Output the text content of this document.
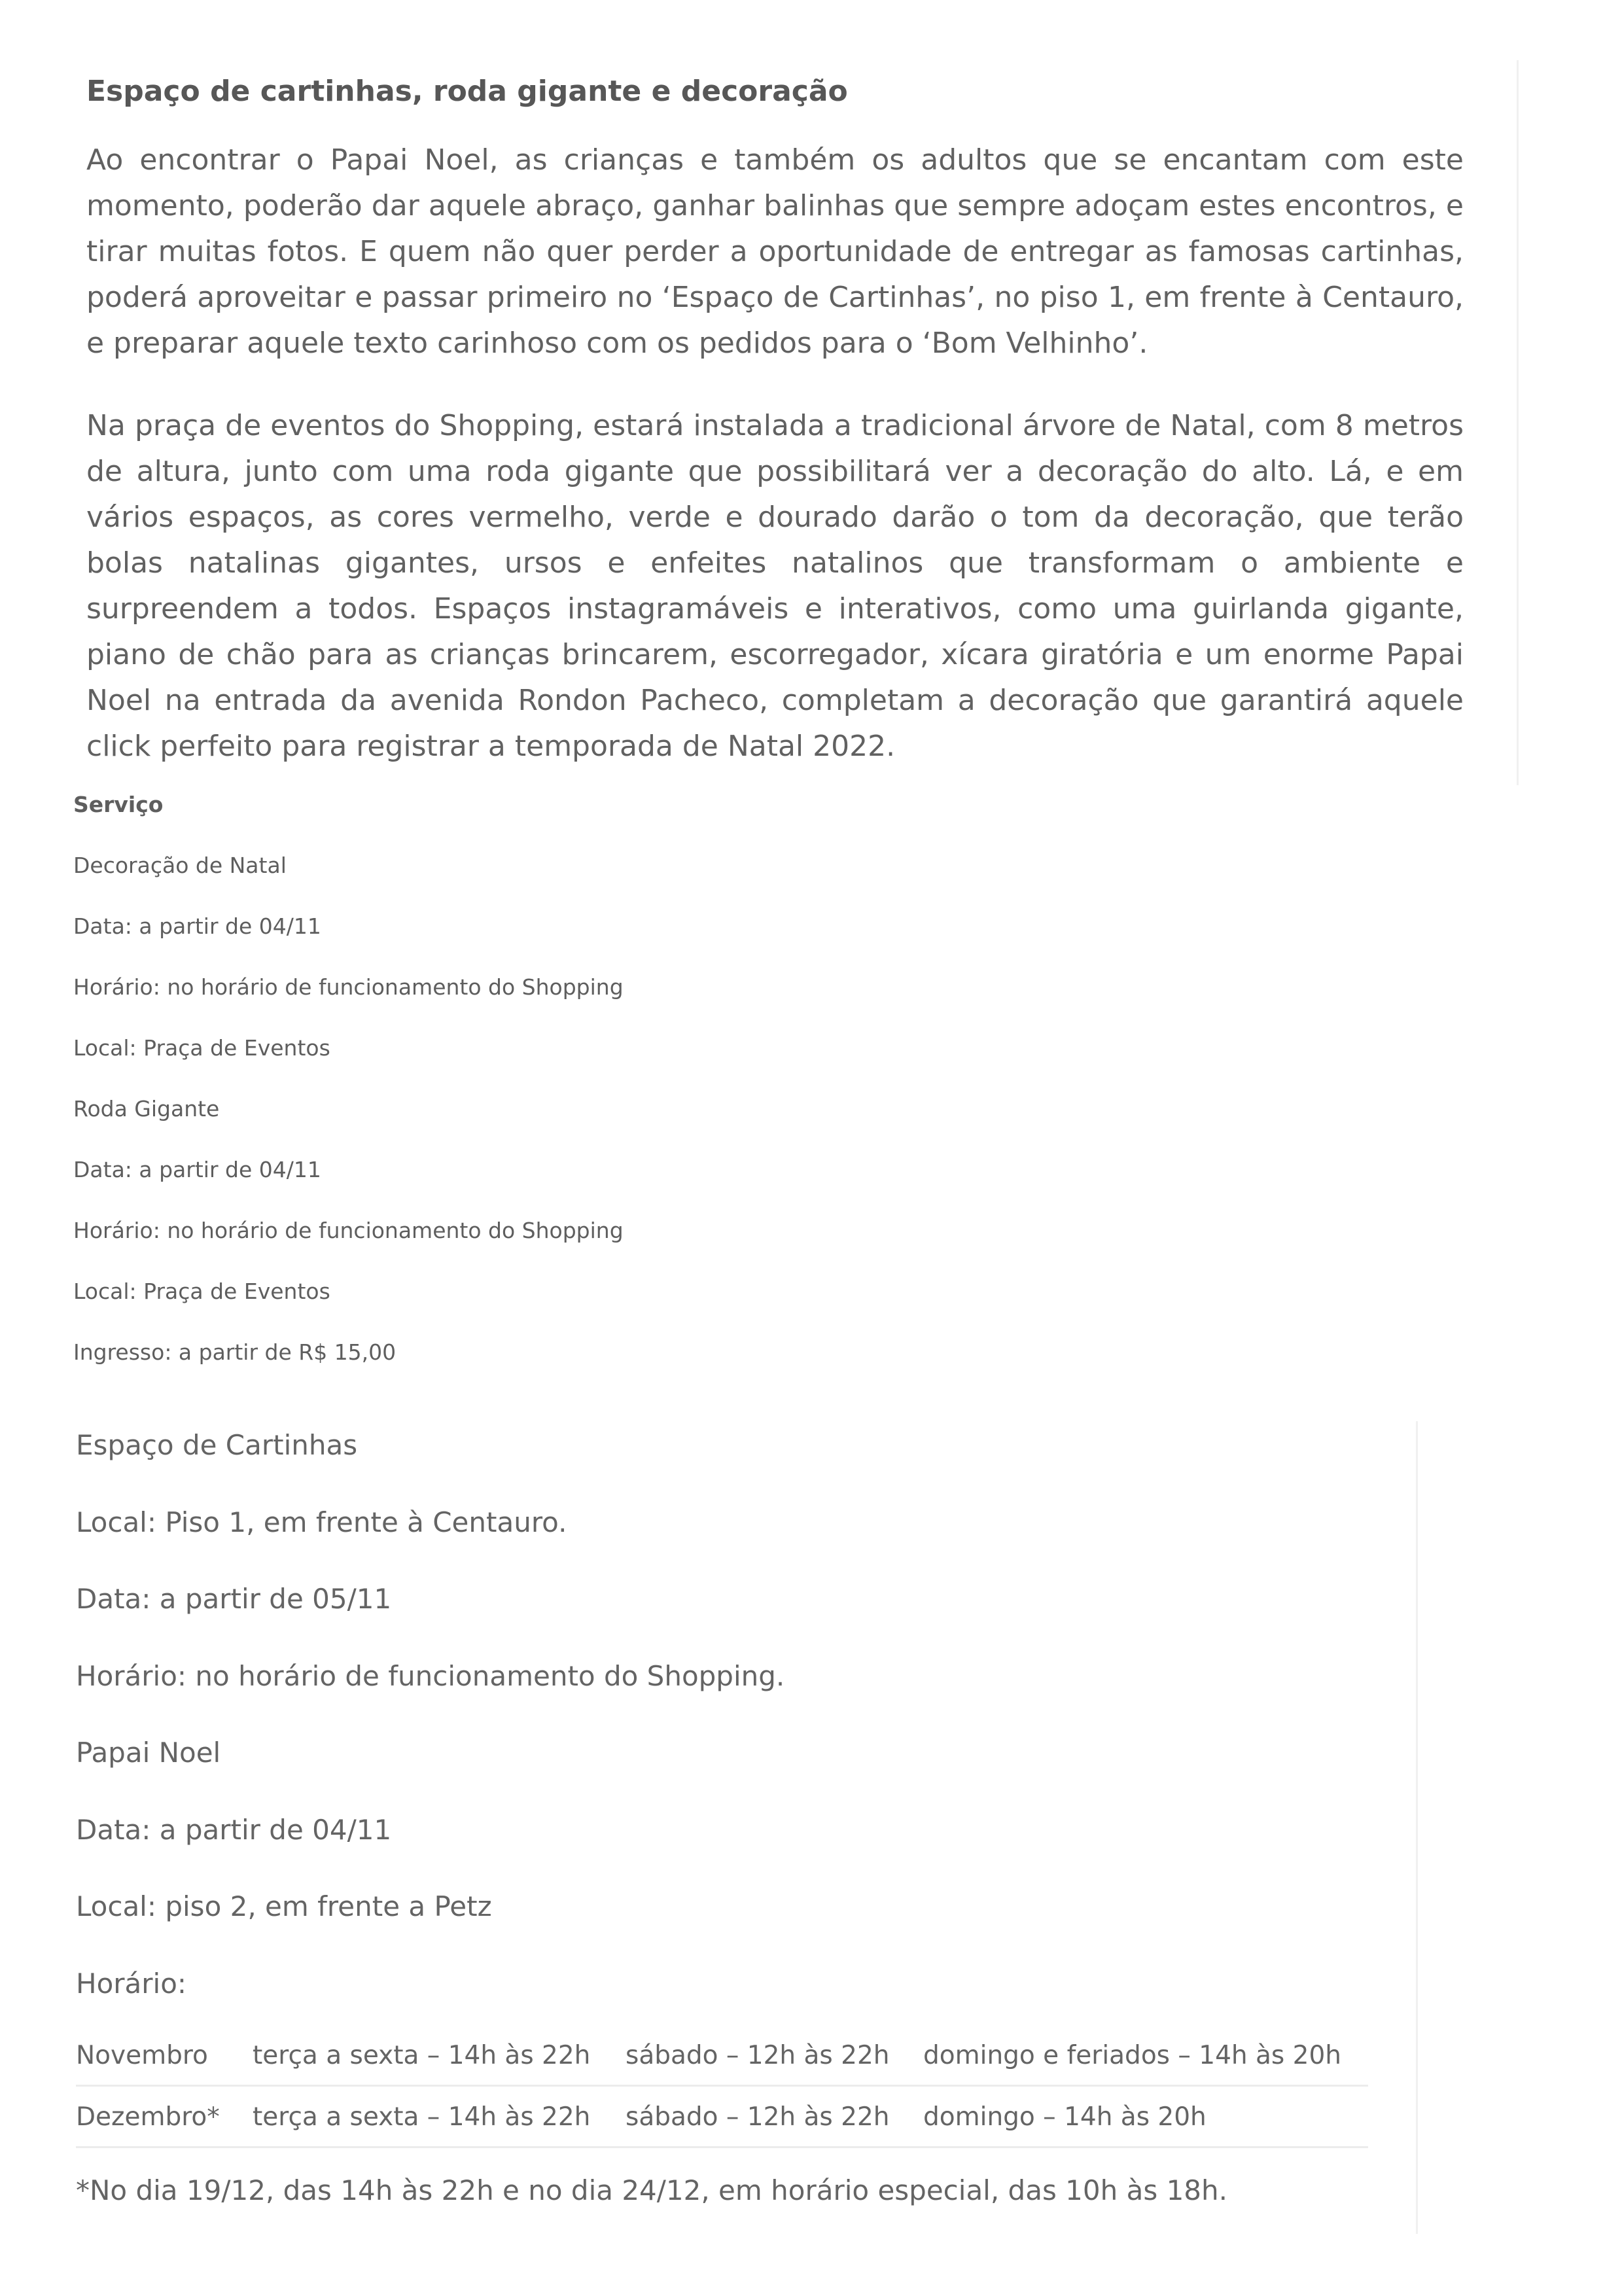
Espaço de cartinhas, roda gigante e decoração

Ao encontrar o Papai Noel, as crianças e também os adultos que se encantam com este momento, poderão dar aquele abraço, ganhar balinhas que sempre adoçam estes encontros, e tirar muitas fotos. E quem não quer perder a oportunidade de entregar as famosas cartinhas, poderá aproveitar e passar primeiro no ‘Espaço de Cartinhas’, no piso 1, em frente à Centauro, e preparar aquele texto carinhoso com os pedidos para o ‘Bom Velhinho’.

Na praça de eventos do Shopping, estará instalada a tradicional árvore de Natal, com 8 metros de altura, junto com uma roda gigante que possibilitará ver a decoração do alto. Lá, e em vários espaços, as cores vermelho, verde e dourado darão o tom da decoração, que terão bolas natalinas gigantes, ursos e enfeites natalinos que transformam o ambiente e surpreendem a todos. Espaços instagramáveis e interativos, como uma guirlanda gigante, piano de chão para as crianças brincarem, escorregador, xícara giratória e um enorme Papai Noel na entrada da avenida Rondon Pacheco, completam a decoração que garantirá aquele click perfeito para registrar a temporada de Natal 2022.

Serviço

Decoração de Natal

Data: a partir de 04/11

Horário: no horário de funcionamento do Shopping

Local: Praça de Eventos

Roda Gigante

Data: a partir de 04/11

Horário: no horário de funcionamento do Shopping

Local: Praça de Eventos

Ingresso: a partir de R$ 15,00

Espaço de Cartinhas

Local: Piso 1, em frente à Centauro.

Data: a partir de 05/11

Horário: no horário de funcionamento do Shopping.

Papai Noel

Data: a partir de 04/11

Local: piso 2, em frente a Petz

Horário:

Novembro	terça a sexta – 14h às 22h	sábado – 12h às 22h	domingo e feriados – 14h às 20h
Dezembro*	terça a sexta – 14h às 22h	sábado – 12h às 22h	domingo – 14h às 20h

*No dia 19/12, das 14h às 22h e no dia 24/12, em horário especial, das 10h às 18h.
